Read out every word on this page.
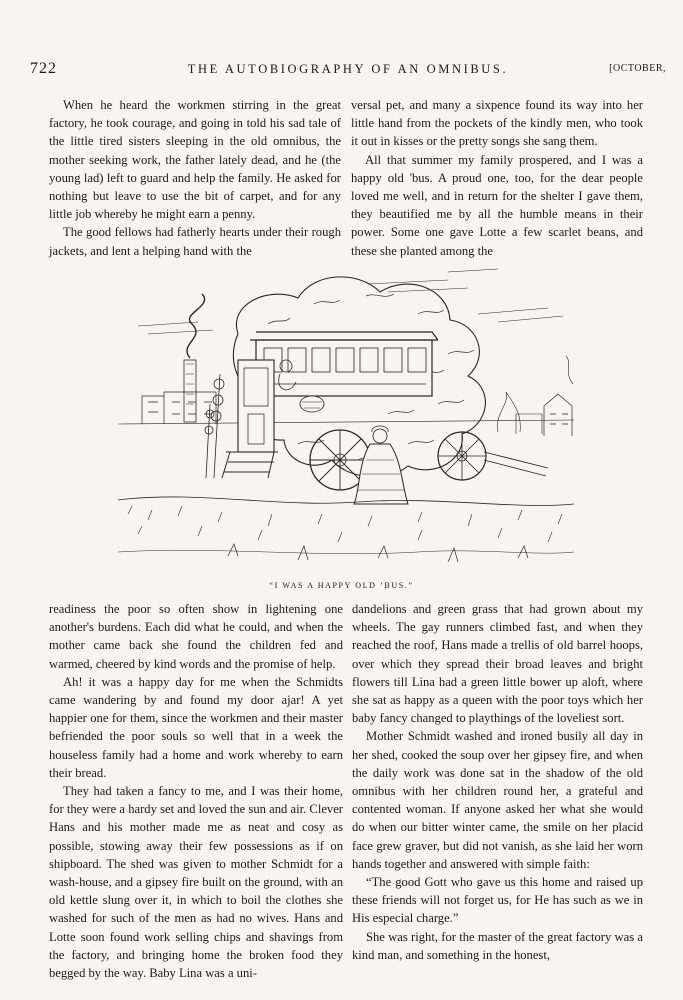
722	THE AUTOBIOGRAPHY OF AN OMNIBUS.	[OCTOBER,

When he heard the workmen stirring in the great factory, he took courage, and going in told his sad tale of the little tired sisters sleeping in the old omnibus, the mother seeking work, the father lately dead, and he (the young lad) left to guard and help the family. He asked for nothing but leave to use the bit of carpet, and for any little job whereby he might earn a penny.

The good fellows had fatherly hearts under their rough jackets, and lent a helping hand with the

versal pet, and many a sixpence found its way into her little hand from the pockets of the kindly men, who took it out in kisses or the pretty songs she sang them.

All that summer my family prospered, and I was a happy old 'bus. A proud one, too, for the dear people loved me well, and in return for the shelter I gave them, they beautified me by all the humble means in their power. Some one gave Lotte a few scarlet beans, and these she planted among the

“I WAS A HAPPY OLD ’BUS.”

readiness the poor so often show in lightening one another's burdens. Each did what he could, and when the mother came back she found the children fed and warmed, cheered by kind words and the promise of help.

Ah! it was a happy day for me when the Schmidts came wandering by and found my door ajar! A yet happier one for them, since the workmen and their master befriended the poor souls so well that in a week the houseless family had a home and work whereby to earn their bread.

They had taken a fancy to me, and I was their home, for they were a hardy set and loved the sun and air. Clever Hans and his mother made me as neat and cosy as possible, stowing away their few possessions as if on shipboard. The shed was given to mother Schmidt for a wash-house, and a gipsey fire built on the ground, with an old kettle slung over it, in which to boil the clothes she washed for such of the men as had no wives. Hans and Lotte soon found work selling chips and shavings from the factory, and bringing home the broken food they begged by the way. Baby Lina was a uni-

dandelions and green grass that had grown about my wheels. The gay runners climbed fast, and when they reached the roof, Hans made a trellis of old barrel hoops, over which they spread their broad leaves and bright flowers till Lina had a green little bower up aloft, where she sat as happy as a queen with the poor toys which her baby fancy changed to playthings of the loveliest sort.

Mother Schmidt washed and ironed busily all day in her shed, cooked the soup over her gipsey fire, and when the daily work was done sat in the shadow of the old omnibus with her children round her, a grateful and contented woman. If anyone asked her what she would do when our bitter winter came, the smile on her placid face grew graver, but did not vanish, as she laid her worn hands together and answered with simple faith:

“The good Gott who gave us this home and raised up these friends will not forget us, for He has such as we in His especial charge.”

She was right, for the master of the great factory was a kind man, and something in the honest,
